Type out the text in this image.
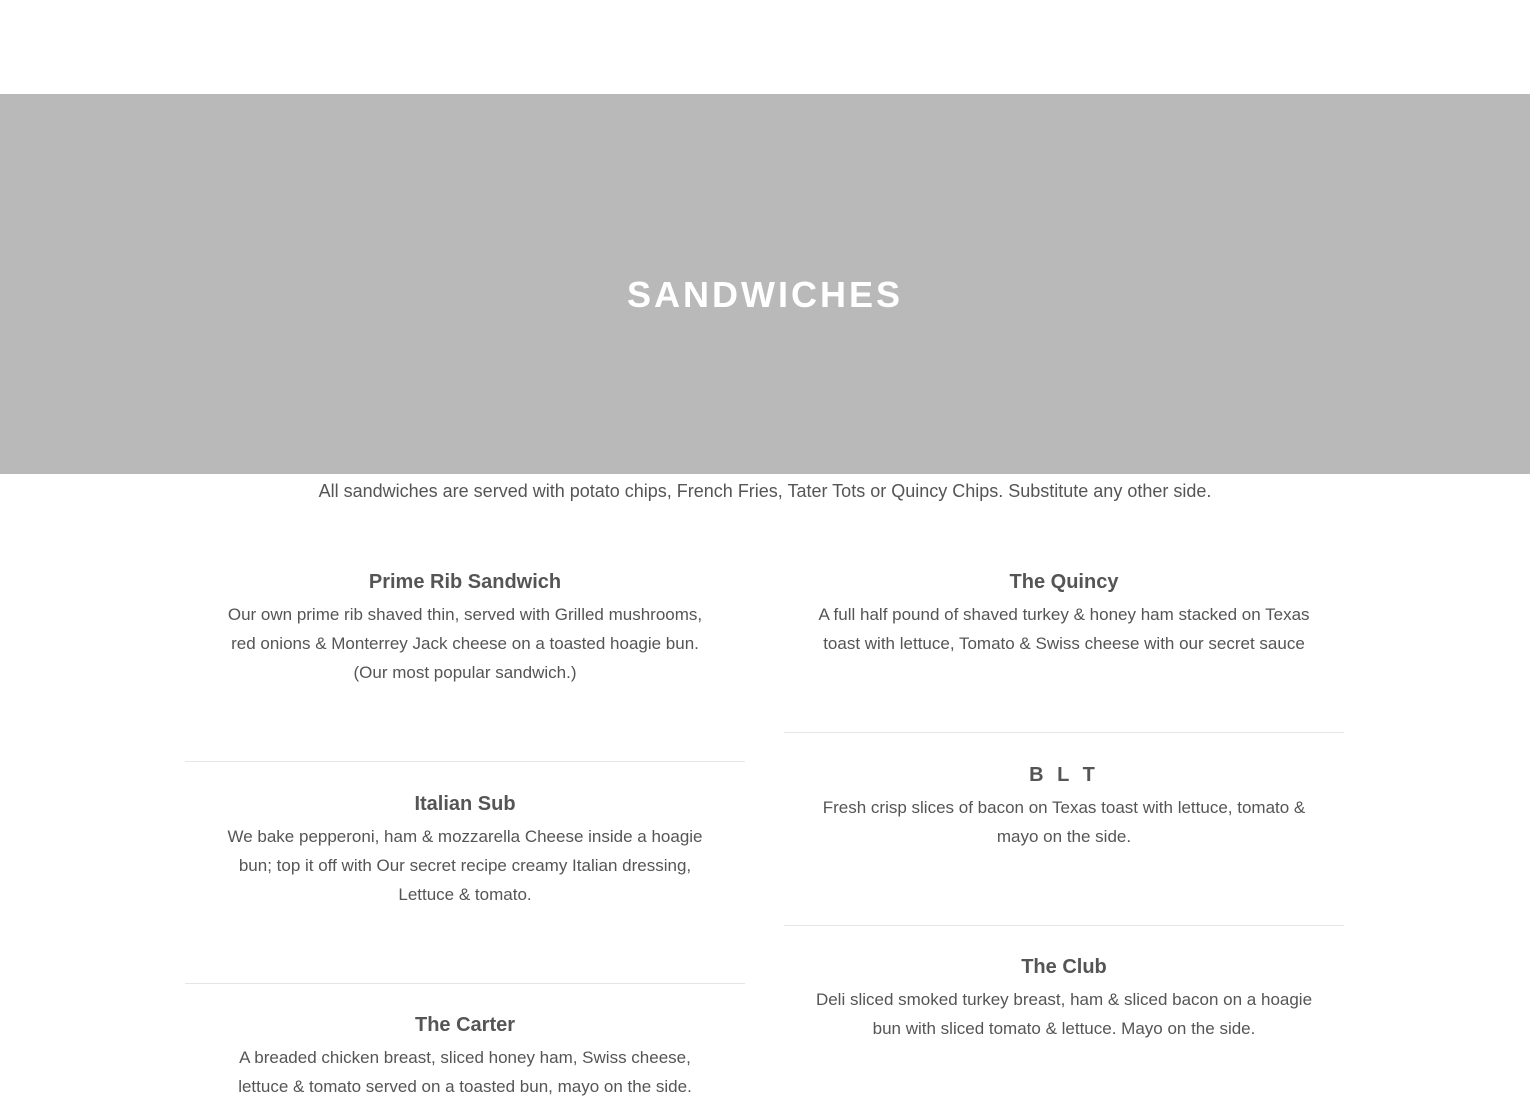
SANDWICHES

All sandwiches are served with potato chips, French Fries, Tater Tots or Quincy Chips. Substitute any other side.

Prime Rib Sandwich

Our own prime rib shaved thin, served with Grilled mushrooms, red onions & Monterrey Jack cheese on a toasted hoagie bun. (Our most popular sandwich.)

Italian Sub

We bake pepperoni, ham & mozzarella Cheese inside a hoagie bun; top it off with Our secret recipe creamy Italian dressing, Lettuce & tomato.

The Carter

A breaded chicken breast, sliced honey ham, Swiss cheese, lettuce & tomato served on a toasted bun, mayo on the side.

The Quincy

A full half pound of shaved turkey & honey ham stacked on Texas toast with lettuce, Tomato & Swiss cheese with our secret sauce

B L T

Fresh crisp slices of bacon on Texas toast with lettuce, tomato & mayo on the side.

The Club

Deli sliced smoked turkey breast, ham & sliced bacon on a hoagie bun with sliced tomato & lettuce. Mayo on the side.
